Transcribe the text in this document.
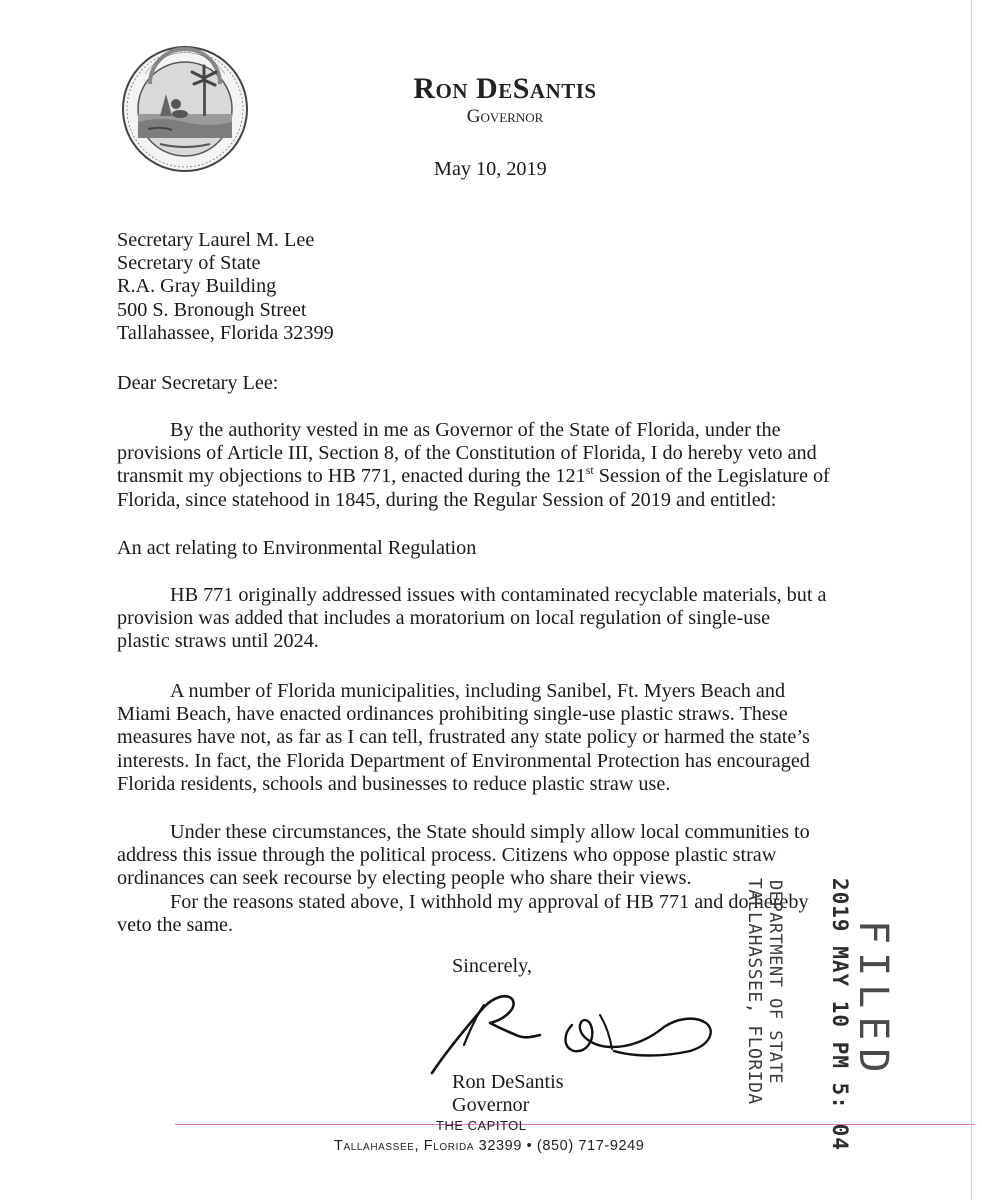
Ron DeSantis
Governor
May 10, 2019
Secretary Laurel M. Lee
Secretary of State
R.A. Gray Building
500 S. Bronough Street
Tallahassee, Florida 32399
Dear Secretary Lee:
By the authority vested in me as Governor of the State of Florida, under the
provisions of Article III, Section 8, of the Constitution of Florida, I do hereby veto and
transmit my objections to HB 771, enacted during the 121st Session of the Legislature of
Florida, since statehood in 1845, during the Regular Session of 2019 and entitled:
An act relating to Environmental Regulation
HB 771 originally addressed issues with contaminated recyclable materials, but a
provision was added that includes a moratorium on local regulation of single-use
plastic straws until 2024.
A number of Florida municipalities, including Sanibel, Ft. Myers Beach and
Miami Beach, have enacted ordinances prohibiting single-use plastic straws. These
measures have not, as far as I can tell, frustrated any state policy or harmed the state’s
interests. In fact, the Florida Department of Environmental Protection has encouraged
Florida residents, schools and businesses to reduce plastic straw use.
Under these circumstances, the State should simply allow local communities to
address this issue through the political process. Citizens who oppose plastic straw
ordinances can seek recourse by electing people who share their views.
For the reasons stated above, I withhold my approval of HB 771 and do hereby
veto the same.
Sincerely,
Ron DeSantis
Governor
THE CAPITOL
Tallahassee, Florida 32399 • (850) 717-9249	2019 MAY 10 PM 5: 04
DEPARTMENT OF STATE
TALLAHASSEE, FLORIDA FILED
